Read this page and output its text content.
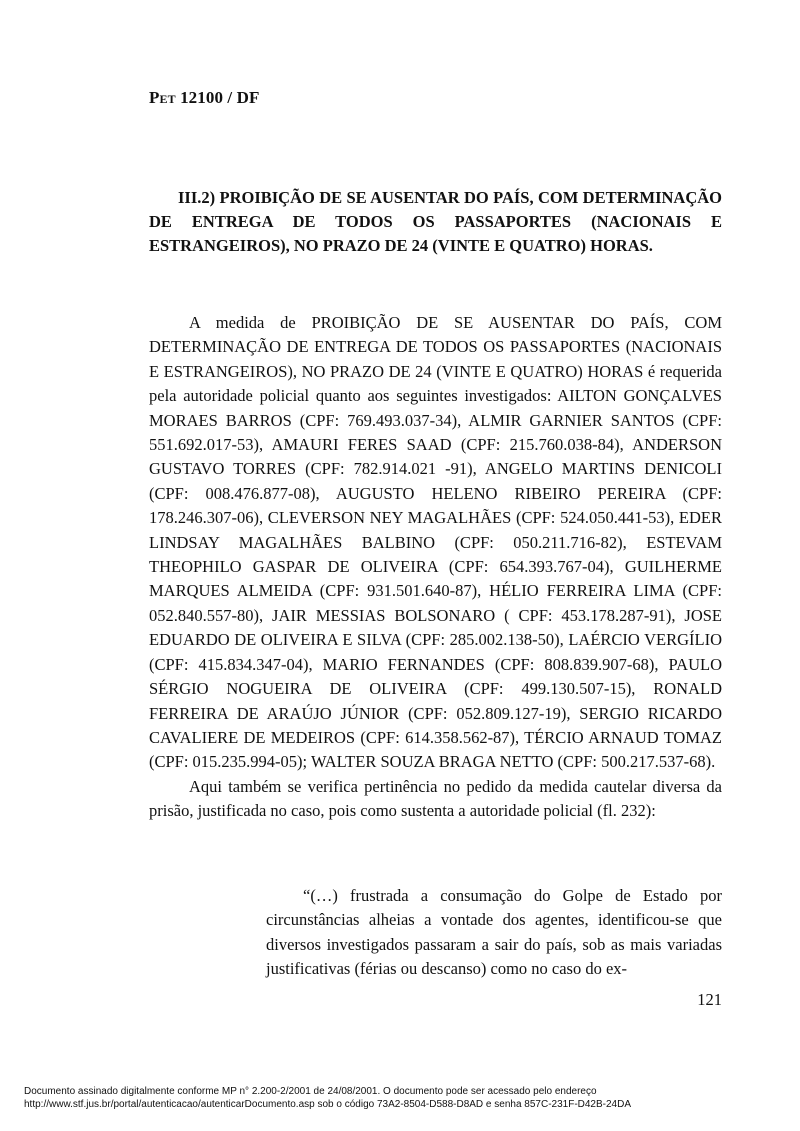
Pet 12100 / DF
III.2) PROIBIÇÃO DE SE AUSENTAR DO PAÍS, COM DETERMINAÇÃO DE ENTREGA DE TODOS OS PASSAPORTES (NACIONAIS E ESTRANGEIROS), NO PRAZO DE 24 (VINTE E QUATRO) HORAS.

A medida de PROIBIÇÃO DE SE AUSENTAR DO PAÍS, COM DETERMINAÇÃO DE ENTREGA DE TODOS OS PASSAPORTES (NACIONAIS E ESTRANGEIROS), NO PRAZO DE 24 (VINTE E QUATRO) HORAS é requerida pela autoridade policial quanto aos seguintes investigados: AILTON GONÇALVES MORAES BARROS (CPF: 769.493.037-34), ALMIR GARNIER SANTOS (CPF: 551.692.017-53), AMAURI FERES SAAD (CPF: 215.760.038-84), ANDERSON GUSTAVO TORRES (CPF: 782.914.021 -91), ANGELO MARTINS DENICOLI (CPF: 008.476.877-08), AUGUSTO HELENO RIBEIRO PEREIRA (CPF: 178.246.307-06), CLEVERSON NEY MAGALHÃES (CPF: 524.050.441-53), EDER LINDSAY MAGALHÃES BALBINO (CPF: 050.211.716-82), ESTEVAM THEOPHILO GASPAR DE OLIVEIRA (CPF: 654.393.767-04), GUILHERME MARQUES ALMEIDA (CPF: 931.501.640-87), HÉLIO FERREIRA LIMA (CPF: 052.840.557-80), JAIR MESSIAS BOLSONARO ( CPF: 453.178.287-91), JOSE EDUARDO DE OLIVEIRA E SILVA (CPF: 285.002.138-50), LAÉRCIO VERGÍLIO (CPF: 415.834.347-04), MARIO FERNANDES (CPF: 808.839.907-68), PAULO SÉRGIO NOGUEIRA DE OLIVEIRA (CPF: 499.130.507-15), RONALD FERREIRA DE ARAÚJO JÚNIOR (CPF: 052.809.127-19), SERGIO RICARDO CAVALIERE DE MEDEIROS (CPF: 614.358.562-87), TÉRCIO ARNAUD TOMAZ (CPF: 015.235.994-05); WALTER SOUZA BRAGA NETTO (CPF: 500.217.537-68).

Aqui também se verifica pertinência no pedido da medida cautelar diversa da prisão, justificada no caso, pois como sustenta a autoridade policial (fl. 232):

“(…) frustrada a consumação do Golpe de Estado por circunstâncias alheias a vontade dos agentes, identificou-se que diversos investigados passaram a sair do país, sob as mais variadas justificativas (férias ou descanso) como no caso do ex-
121
Documento assinado digitalmente conforme MP n° 2.200-2/2001 de 24/08/2001. O documento pode ser acessado pelo endereço
http://www.stf.jus.br/portal/autenticacao/autenticarDocumento.asp sob o código 73A2-8504-D588-D8AD e senha 857C-231F-D42B-24DA
